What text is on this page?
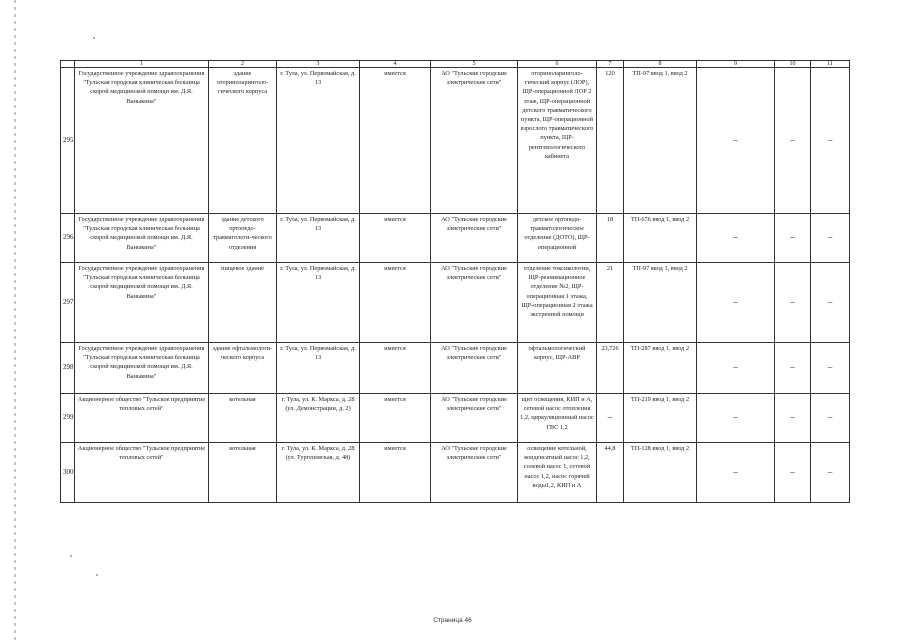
	1	2	3	4	5	6	7	8	9	10	11
295	Государственное учреждение здравоохранения "Тульская городская клиническая больница скорой медицинской помощи им. Д.Я. Ваныкина"	здание оториноларинголо-гического корпуса	г. Тула, ул. Первомайская, д. 13	имеется	АО "Тульские городские электрические сети"	оториноларинголо-гический корпус (ЛОР), ЩР-операционной ЛОР 2 этаж, ЩР-операционной детского травматического пункта, ЩР-операционной взрослого травматического пункта, ЩР-рентгенологического кабинета	120	ТП-97 ввод 1, ввод 2	–	–	–
296	Государственное учреждение здравоохранения "Тульская городская клиническая больница скорой медицинской помощи им. Д.Я. Ваныкина"	здание детского ортопедо-травматологи-ческого отделения	г. Тула, ул. Первомайская, д. 13	имеется	АО "Тульские городские электрические сети"	детское ортопедо-травматологическое отделение (ДОТО), ЩР-операционной	18	ТП-676 ввод 1, ввод 2	–	–	–
297	Государственное учреждение здравоохранения "Тульская городская клиническая больница скорой медицинской помощи им. Д.Я. Ваныкина"	пищевое здание	г. Тула, ул. Первомайская, д. 13	имеется	АО "Тульские городские электрические сети"	отделение токсикологии, ЩР-реанимационное отделение №2, ЩР-операционная 1 этажа, ЩР-операционная 2 этажа экстренной помощи	21	ТП-97 ввод 1, ввод 2	–	–	–
298	Государственное учреждение здравоохранения "Тульская городская клиническая больница скорой медицинской помощи им. Д.Я. Ваныкина"	здание офтальмологи-ческого корпуса	г. Тула, ул. Первомайская, д. 13	имеется	АО "Тульские городские электрические сети"	офтальмологический корпус, ЩР-АВР	23,726	ТП-287 ввод 1, ввод 2	–	–	–
299	Акционерное общество "Тульское предприятие тепловых сетей"	котельная	г. Тула, ул. К. Маркса, д. 28 (ул. Демонстрации, д. 2)	имеется	АО "Тульские городские электрические сети"	щит освещения, КИП и А, сетевой насос отопления 1,2, циркуляционный насос ГВС 1,2	–	ТП-219 ввод 1, ввод 2	–	–	–
300	Акционерное общество "Тульское предприятие тепловых сетей"	котельная	г. Тула, ул. К. Маркса, д. 28 (ул. Тургеневская, д. 48)	имеется	АО "Тульские городские электрические сети"	освещение котельной, конденсатный насос 1,2, солевой насос 1, сетевой насос 1,2, насос горячей воды1,2, КИП и А	44,8	ТП-128 ввод 1, ввод 2	–	–	–
Страница 46
